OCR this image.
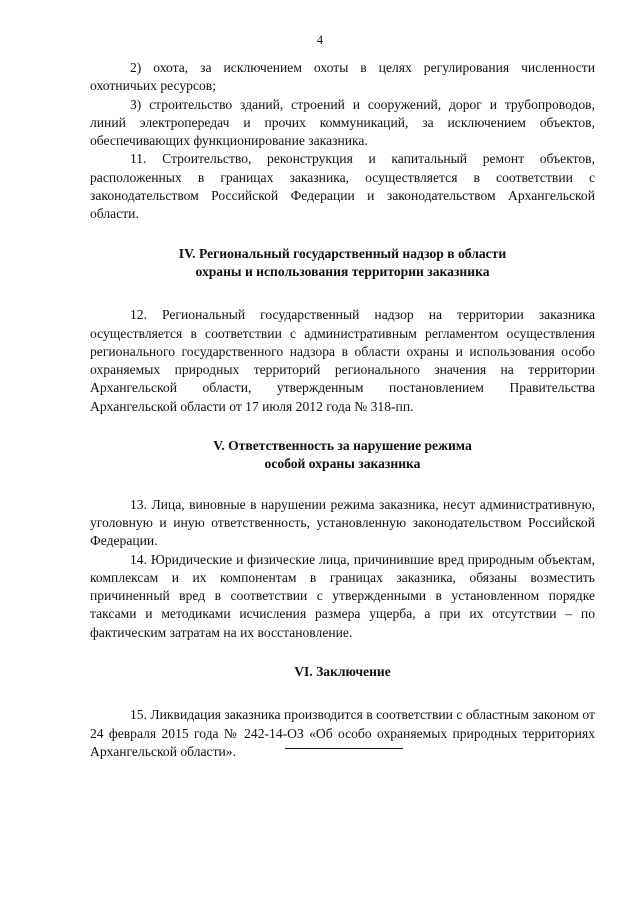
4

2) охота, за исключением охоты в целях регулирования численности охотничьих ресурсов;

3) строительство зданий, строений и сооружений, дорог и трубопроводов, линий электропередач и прочих коммуникаций, за исключением объектов, обеспечивающих функционирование заказника.

11. Строительство, реконструкция и капитальный ремонт объектов, расположенных в границах заказника, осуществляется в соответствии с законодательством Российской Федерации и законодательством Архангельской области.

IV. Региональный государственный надзор в области
охраны и использования территории заказника

12. Региональный государственный надзор на территории заказника осуществляется в соответствии с административным регламентом осуществления регионального государственного надзора в области охраны и использования особо охраняемых природных территорий регионального значения на территории Архангельской области, утвержденным постановлением Правительства Архангельской области от 17 июля 2012 года № 318-пп.

V. Ответственность за нарушение режима
особой охраны заказника

13. Лица, виновные в нарушении режима заказника, несут административную, уголовную и иную ответственность, установленную законодательством Российской Федерации.

14. Юридические и физические лица, причинившие вред природным объектам, комплексам и их компонентам в границах заказника, обязаны возместить причиненный вред в соответствии с утвержденными в установленном порядке таксами и методиками исчисления размера ущерба, а при их отсутствии – по фактическим затратам на их восстановление.

VI. Заключение

15. Ликвидация заказника производится в соответствии с областным законом от 24 февраля 2015 года № 242-14-ОЗ «Об особо охраняемых природных территориях Архангельской области».
